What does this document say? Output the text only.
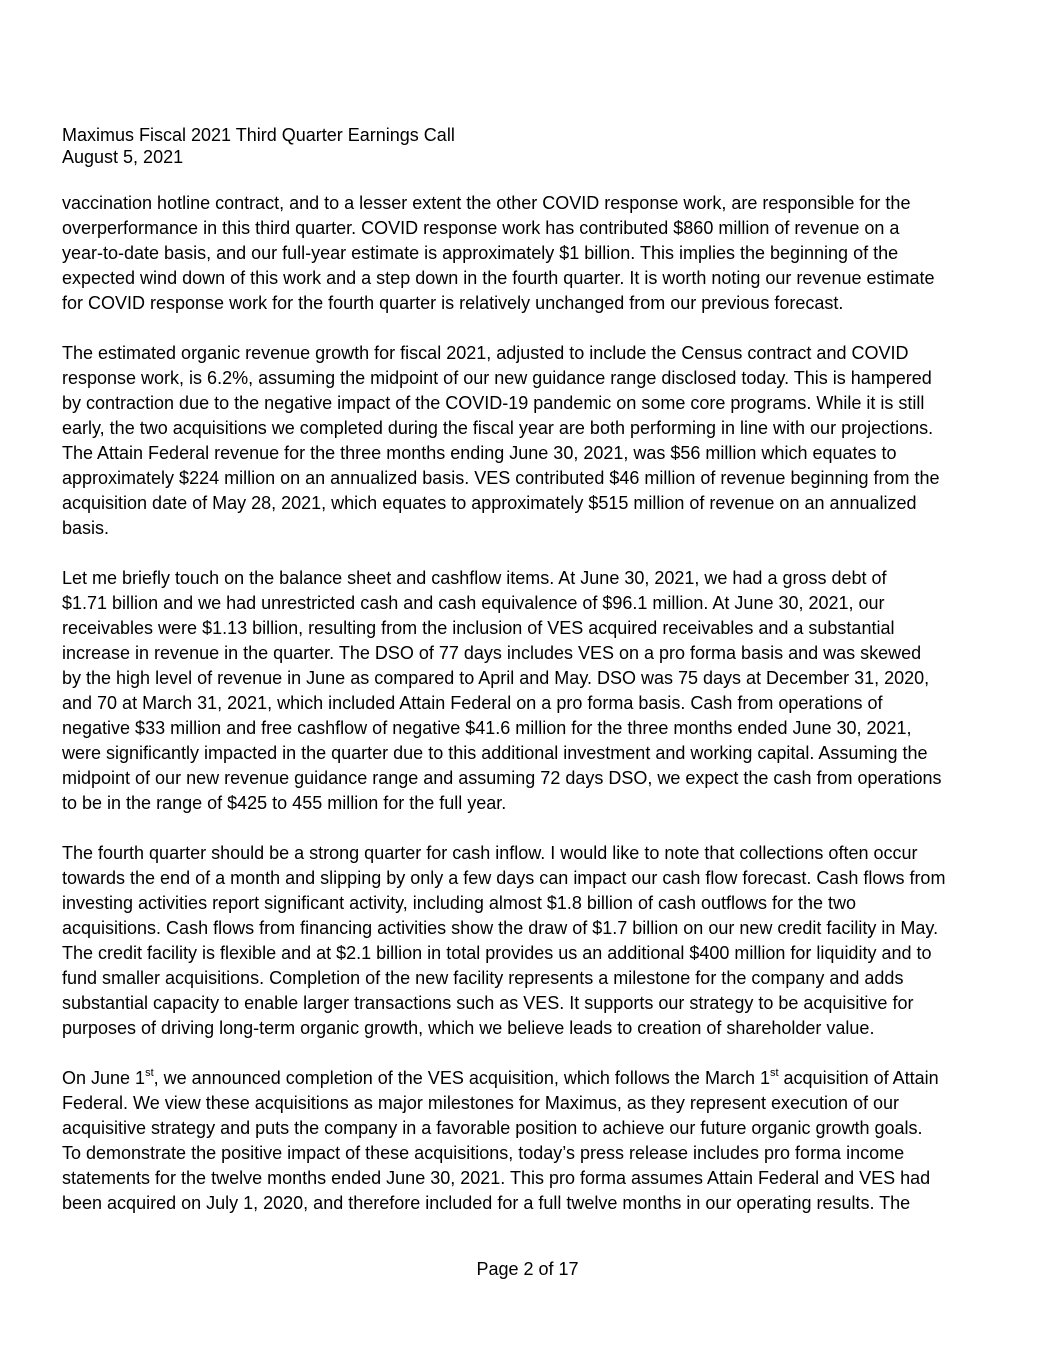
Maximus Fiscal 2021 Third Quarter Earnings Call
August 5, 2021

vaccination hotline contract, and to a lesser extent the other COVID response work, are responsible for the
overperformance in this third quarter. COVID response work has contributed $860 million of revenue on a
year-to-date basis, and our full-year estimate is approximately $1 billion. This implies the beginning of the
expected wind down of this work and a step down in the fourth quarter. It is worth noting our revenue estimate
for COVID response work for the fourth quarter is relatively unchanged from our previous forecast.

The estimated organic revenue growth for fiscal 2021, adjusted to include the Census contract and COVID
response work, is 6.2%, assuming the midpoint of our new guidance range disclosed today. This is hampered
by contraction due to the negative impact of the COVID-19 pandemic on some core programs. While it is still
early, the two acquisitions we completed during the fiscal year are both performing in line with our projections.
The Attain Federal revenue for the three months ending June 30, 2021, was $56 million which equates to
approximately $224 million on an annualized basis. VES contributed $46 million of revenue beginning from the
acquisition date of May 28, 2021, which equates to approximately $515 million of revenue on an annualized
basis.

Let me briefly touch on the balance sheet and cashflow items. At June 30, 2021, we had a gross debt of
$1.71 billion and we had unrestricted cash and cash equivalence of $96.1 million. At June 30, 2021, our
receivables were $1.13 billion, resulting from the inclusion of VES acquired receivables and a substantial
increase in revenue in the quarter. The DSO of 77 days includes VES on a pro forma basis and was skewed
by the high level of revenue in June as compared to April and May. DSO was 75 days at December 31, 2020,
and 70 at March 31, 2021, which included Attain Federal on a pro forma basis. Cash from operations of
negative $33 million and free cashflow of negative $41.6 million for the three months ended June 30, 2021,
were significantly impacted in the quarter due to this additional investment and working capital. Assuming the
midpoint of our new revenue guidance range and assuming 72 days DSO, we expect the cash from operations
to be in the range of $425 to 455 million for the full year.

The fourth quarter should be a strong quarter for cash inflow. I would like to note that collections often occur
towards the end of a month and slipping by only a few days can impact our cash flow forecast. Cash flows from
investing activities report significant activity, including almost $1.8 billion of cash outflows for the two
acquisitions. Cash flows from financing activities show the draw of $1.7 billion on our new credit facility in May.
The credit facility is flexible and at $2.1 billion in total provides us an additional $400 million for liquidity and to
fund smaller acquisitions. Completion of the new facility represents a milestone for the company and adds
substantial capacity to enable larger transactions such as VES. It supports our strategy to be acquisitive for
purposes of driving long-term organic growth, which we believe leads to creation of shareholder value.

On June 1st, we announced completion of the VES acquisition, which follows the March 1st acquisition of Attain
Federal. We view these acquisitions as major milestones for Maximus, as they represent execution of our
acquisitive strategy and puts the company in a favorable position to achieve our future organic growth goals.
To demonstrate the positive impact of these acquisitions, today’s press release includes pro forma income
statements for the twelve months ended June 30, 2021. This pro forma assumes Attain Federal and VES had
been acquired on July 1, 2020, and therefore included for a full twelve months in our operating results. The

Page 2 of 17
